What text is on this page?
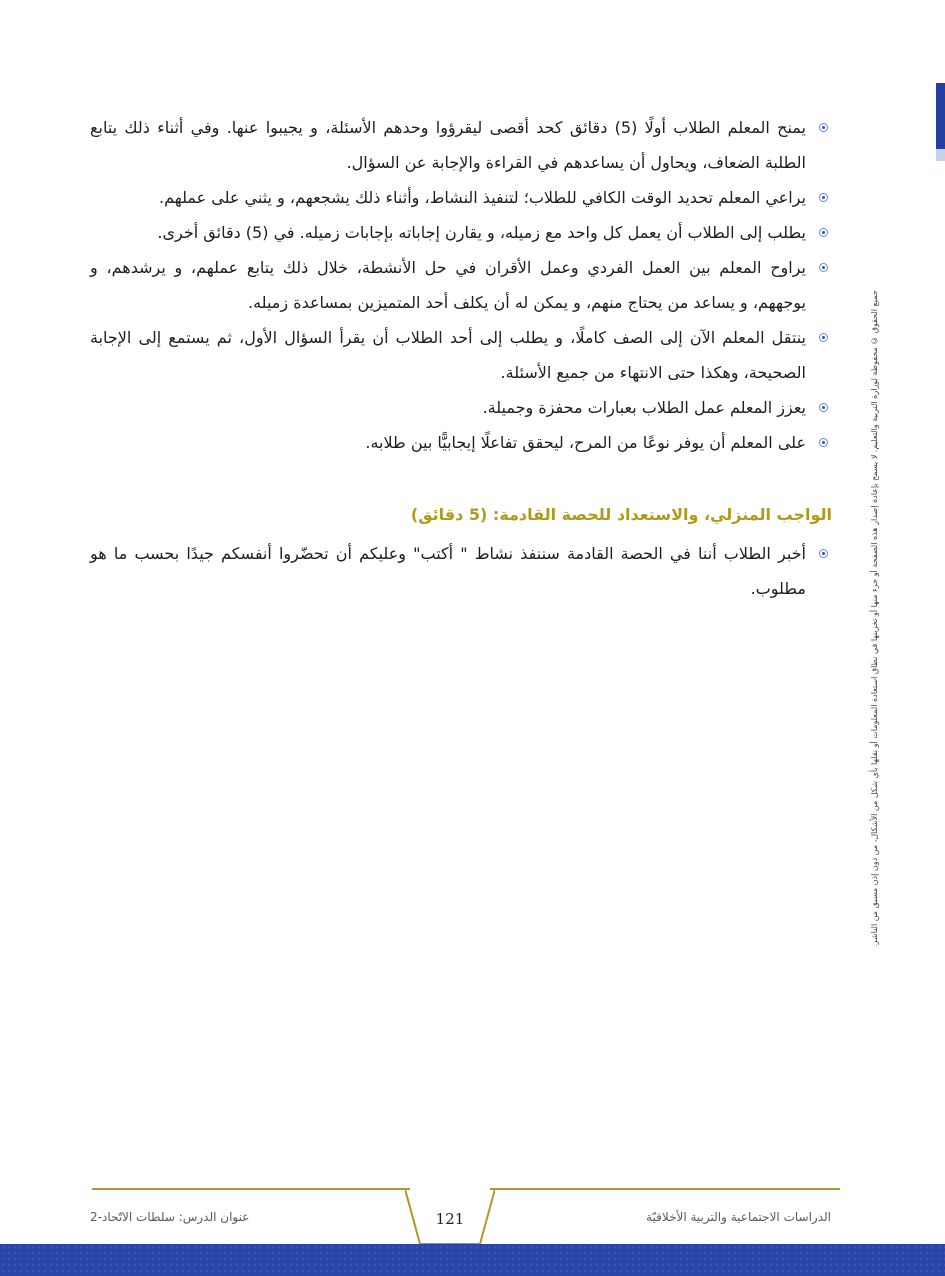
جميع الحقوق © محفوظة لوزارة التربية والتعليم. لا يسمح بإعادة إصدار هذه الصفحة أو جزء منها أو تخزينها في نطاق استعادة المعلومات أو نقلها بأي شكل من الأشكال، من دون إذن مسبق من الناشر.
يمنح المعلم الطلاب أولًا (5) دقائق كحد أقصى ليقرؤوا وحدهم الأسئلة، و يجيبوا عنها. وفي أثناء ذلك يتابع الطلبة الضعاف، ويحاول أن يساعدهم في القراءة والإجابة عن السؤال.
يراعي المعلم تحديد الوقت الكافي للطلاب؛ لتنفيذ النشاط، وأثناء ذلك يشجعهم، و يثني على عملهم.
يطلب إلى الطلاب أن يعمل كل واحد مع زميله، و يقارن إجاباته بإجابات زميله. في (5) دقائق أخرى.
يراوح المعلم بين العمل الفردي وعمل الأقران في حل الأنشطة، خلال ذلك يتابع عملهم، و يرشدهم، و يوجههم، و يساعد من يحتاج منهم، و يمكن له أن يكلف أحد المتميزين بمساعدة زميله.
ينتقل المعلم الآن إلى الصف كاملًا، و يطلب إلى أحد الطلاب أن يقرأ السؤال الأول، ثم يستمع إلى الإجابة الصحيحة، وهكذا حتى الانتهاء من جميع الأسئلة.
يعزز المعلم عمل الطلاب بعبارات محفزة وجميلة.
على المعلم أن يوفر نوعًا من المرح، ليحقق تفاعلًا إيجابيًّا بين طلابه.
الواجب المنزلي، والاستعداد للحصة القادمة: (5 دقائق)
أخبر الطلاب أننا في الحصة القادمة سننفذ نشاط " أكتب" وعليكم أن تحضّروا أنفسكم جيدًا بحسب ما هو مطلوب.
الدراسات الاجتماعية والتربية الأخلاقيّة
121
عنوان الدرس: سلطات الاتّحاد-2
